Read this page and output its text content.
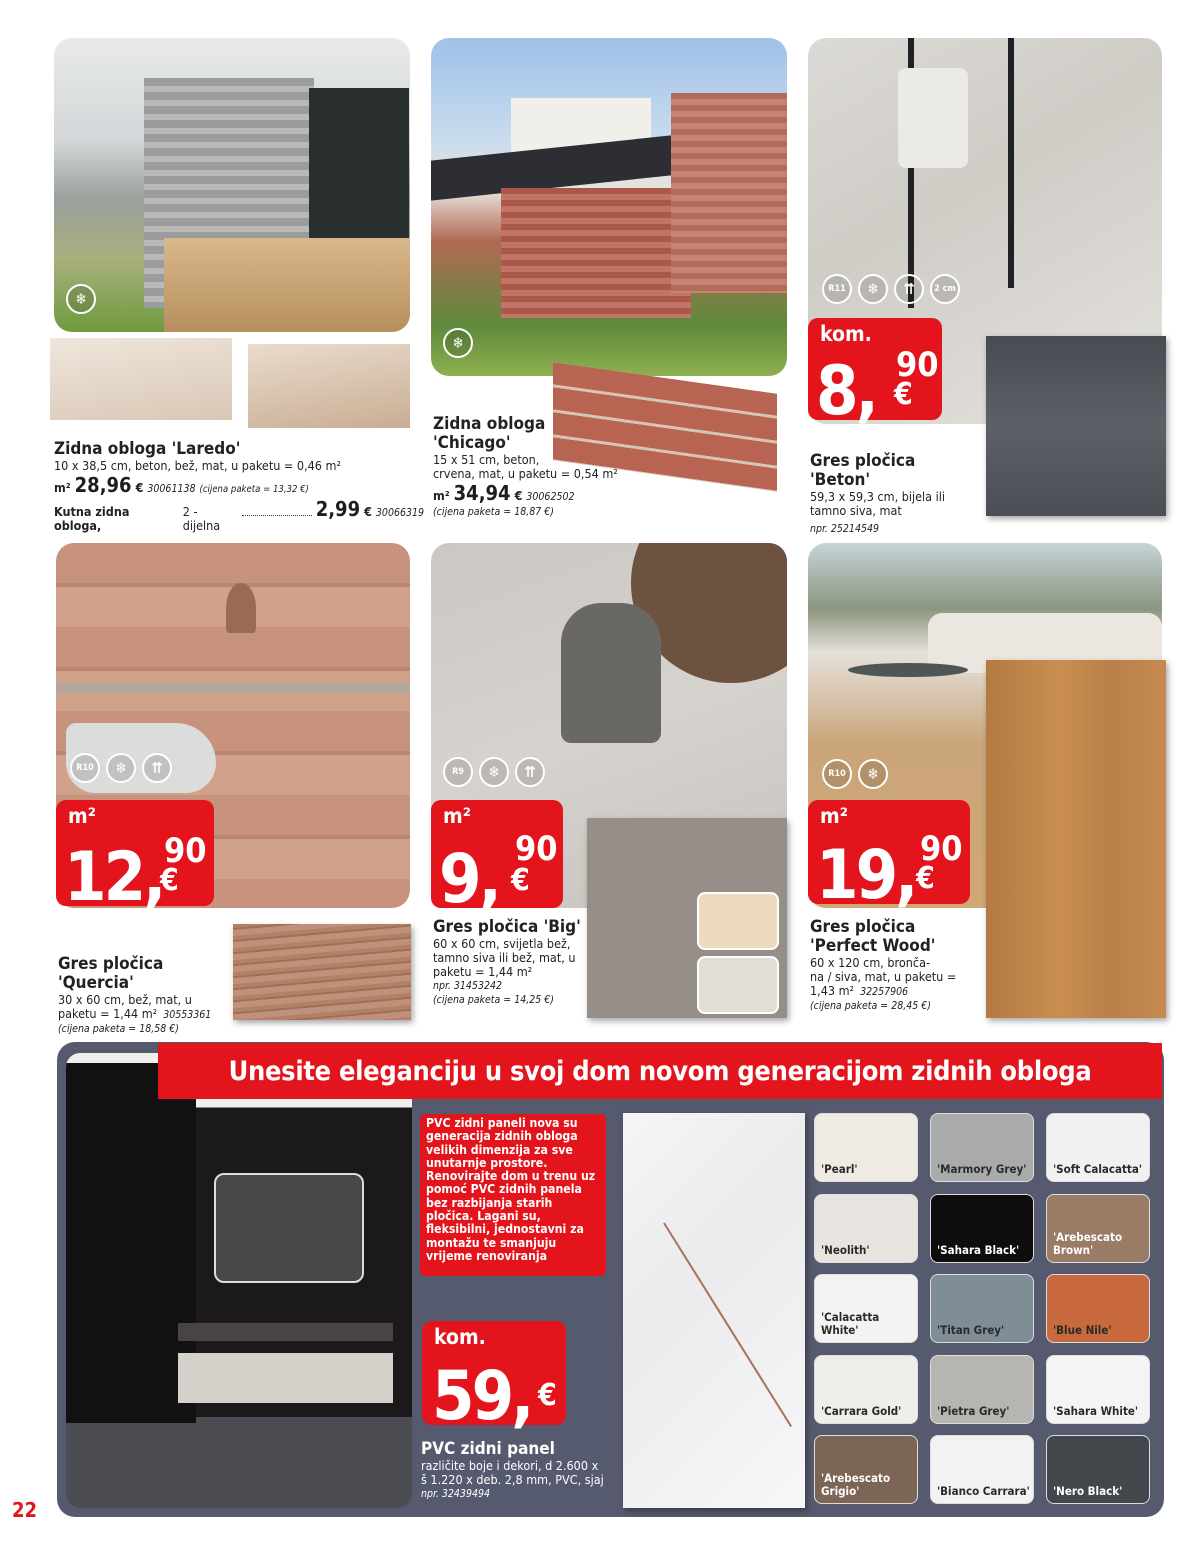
❄
Zidna obloga 'Laredo'
10 x 38,5 cm, beton, bež, mat, u paketu = 0,46 m²
m² 28,96 € 30061138 (cijena paketa = 13,32 €)
Kutna zidna obloga,
2 - dijelna
2,99 € 30066319
❄
Zidna obloga
'Chicago'
15 x 51 cm, beton,
crvena, mat, u paketu = 0,54 m²
m² 34,94 € 30062502
(cijena paketa = 18,87 €)
R11	❄	⇈	2 cm
kom.
8, 90
€
Gres pločica 'Beton'
59,3 x 59,3 cm, bijela ili
tamno siva, mat
npr. 25214549
R10	❄	⇈
m²
12, 90
€
Gres pločica 'Quercia'
30 x 60 cm, bež, mat, u
paketu = 1,44 m² 30553361
(cijena paketa = 18,58 €)
R9	❄	⇈
m²
9, 90
€
Gres pločica 'Big'
60 x 60 cm, svijetla bež,
tamno siva ili bež, mat, u
paketu = 1,44 m²
npr. 31453242
(cijena paketa = 14,25 €)
R10	❄
m²
19, 90
€
Gres pločica
'Perfect Wood'
60 x 120 cm, bronča-
na / siva, mat, u paketu =
1,43 m² 32257906
(cijena paketa = 28,45 €)
Unesite eleganciju u svoj dom novom generacijom zidnih obloga
PVC zidni paneli nova su generacija zidnih obloga velikih dimenzija za sve unutarnje prostore. Renovirajte dom u trenu uz pomoć PVC zidnih panela bez razbijanja starih pločica. Lagani su, fleksibilni, jednostavni za montažu te smanjuju vrijeme renoviranja
kom.
59, €
PVC zidni panel
različite boje i dekori, d 2.600 x
š 1.220 x deb. 2,8 mm, PVC, sjaj
npr. 32439494
'Pearl'	'Marmory Grey' 'Soft Calacatta'
'Neolith'	'Sahara Black'
'Arebescato Brown'
'Calacatta White'	'Titan Grey'	'Blue Nile'
'Carrara Gold'	'Pietra Grey'	'Sahara White'
'Arebescato Grigio'	'Bianco Carrara' 'Nero Black'
22
